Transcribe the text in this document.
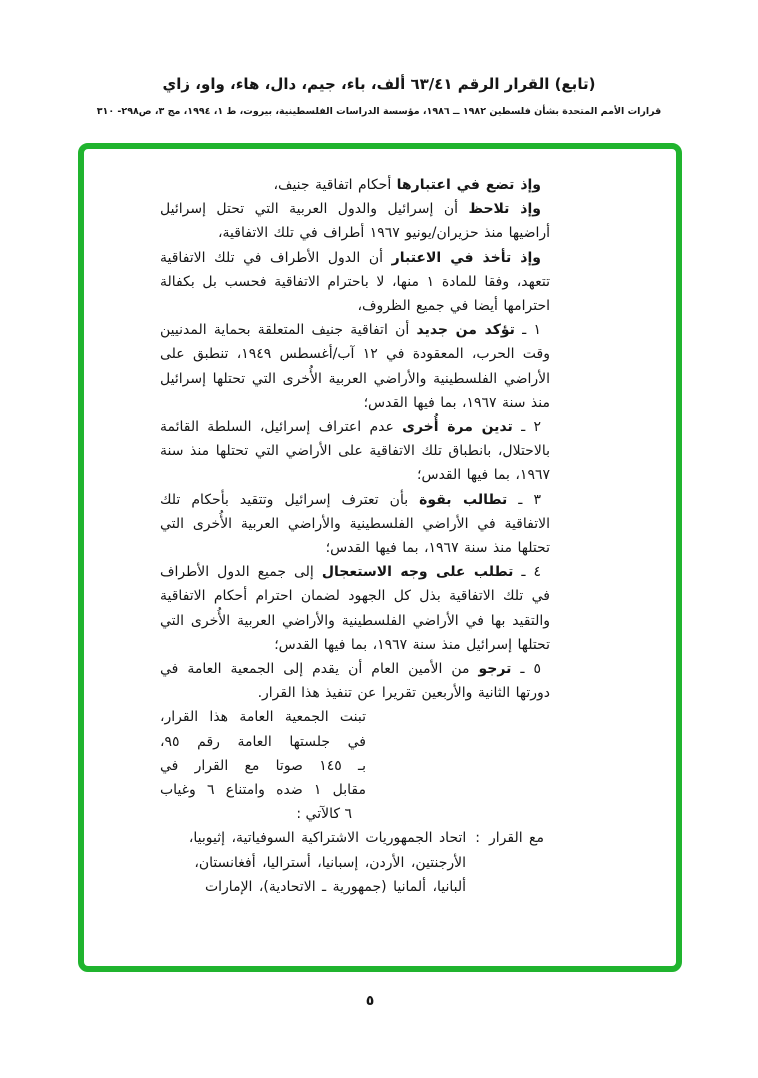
(تابع) القرار الرقم ٦٣/٤١ ألف، باء، جيم، دال، هاء، واو، زاي
قرارات الأمم المتحدة بشأن فلسطين ١٩٨٢ ــ ١٩٨٦، مؤسسة الدراسات الفلسطينية، بيروت، ط ١، ١٩٩٤، مج ٣، ص٢٩٨- ٣١٠

وإذ تضع في اعتبارها أحكام اتفاقية جنيف،

وإذ تلاحظ أن إسرائيل والدول العربية التي تحتل إسرائيل أراضيها منذ حزيران/يونيو ١٩٦٧ أطراف في تلك الاتفاقية،

وإذ تأخذ في الاعتبار أن الدول الأطراف في تلك الاتفاقية تتعهد، وفقا للمادة ١ منها، لا باحترام الاتفاقية فحسب بل بكفالة احترامها أيضا في جميع الظروف،

١ ـ تؤكد من جديد أن اتفاقية جنيف المتعلقة بحماية المدنيين وقت الحرب، المعقودة في ١٢ آب/أغسطس ١٩٤٩، تنطبق على الأراضي الفلسطينية والأراضي العربية الأُخرى التي تحتلها إسرائيل منذ سنة ١٩٦٧، بما فيها القدس؛

٢ ـ تدين مرة أُخرى عدم اعتراف إسرائيل، السلطة القائمة بالاحتلال، بانطباق تلك الاتفاقية على الأراضي التي تحتلها منذ سنة ١٩٦٧، بما فيها القدس؛

٣ ـ تطالب بقوة بأن تعترف إسرائيل وتتقيد بأحكام تلك الاتفاقية في الأراضي الفلسطينية والأراضي العربية الأُخرى التي تحتلها منذ سنة ١٩٦٧، بما فيها القدس؛

٤ ـ تطلب على وجه الاستعجال إلى جميع الدول الأطراف في تلك الاتفاقية بذل كل الجهود لضمان احترام أحكام الاتفاقية والتقيد بها في الأراضي الفلسطينية والأراضي العربية الأُخرى التي تحتلها إسرائيل منذ سنة ١٩٦٧، بما فيها القدس؛

٥ ـ ترجو من الأمين العام أن يقدم إلى الجمعية العامة في دورتها الثانية والأربعين تقريرا عن تنفيذ هذا القرار.

تبنت الجمعية العامة هذا القرار،
في جلستها العامة رقم ٩٥،
بـ ١٤٥ صوتا مع القرار في
مقابل ١ ضده وامتناع ٦ وغياب
٦ كالآتي :

مع القرار:اتحاد الجمهوريات الاشتراكية السوفياتية، إثيوبيا، الأرجنتين، الأردن، إسبانيا، أستراليا، أفغانستان، ألبانيا، ألمانيا (جمهورية ـ الاتحادية)، الإمارات

٥
